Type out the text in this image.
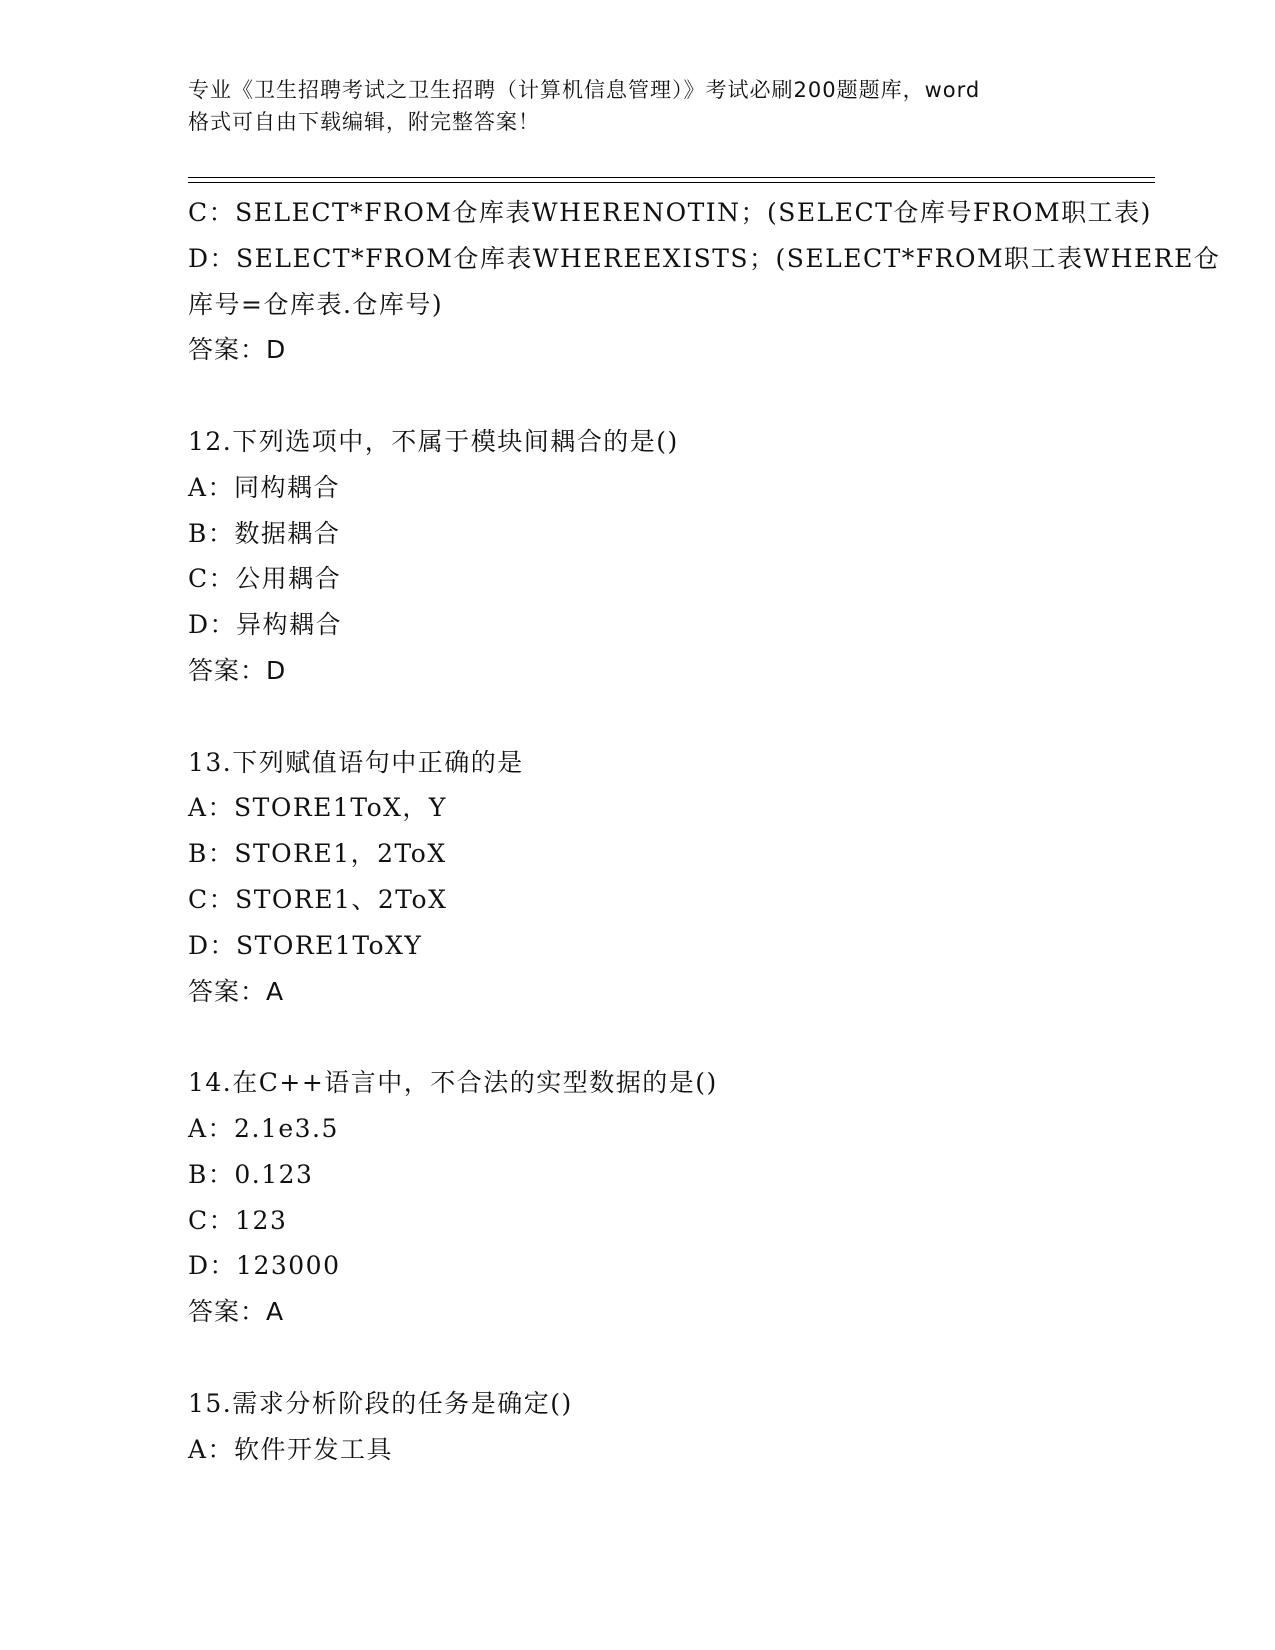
专业《卫生招聘考试之卫生招聘（计算机信息管理）》考试必刷200题题库，word
格式可自由下载编辑，附完整答案！
C：SELECT*FROM仓库表WHERENOTIN；(SELECT仓库号FROM职工表)
D：SELECT*FROM仓库表WHEREEXISTS；(SELECT*FROM职工表WHERE仓
库号=仓库表.仓库号)
答案：D
12.下列选项中，不属于模块间耦合的是()
A：同构耦合
B：数据耦合
C：公用耦合
D：异构耦合
答案：D
13.下列赋值语句中正确的是
A：STORE1ToX，Y
B：STORE1，2ToX
C：STORE1、2ToX
D：STORE1ToXY
答案：A
14.在C++语言中，不合法的实型数据的是()
A：2.1e3.5
B：0.123
C：123
D：123000
答案：A
15.需求分析阶段的任务是确定()
A：软件开发工具
